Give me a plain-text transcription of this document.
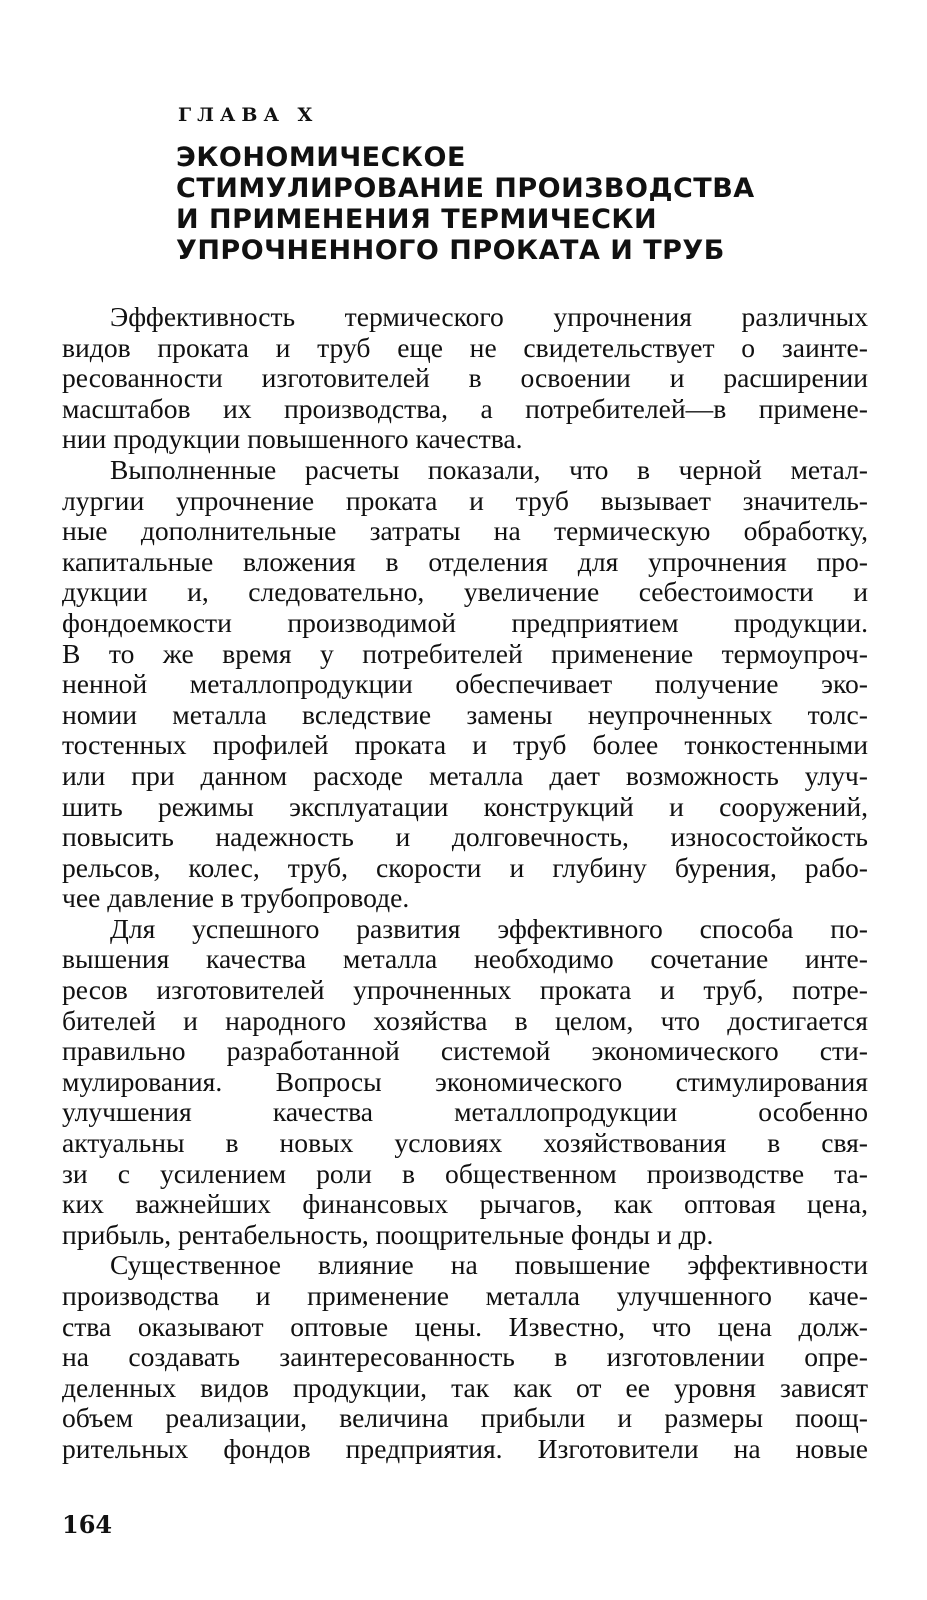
ГЛАВА X

ЭКОНОМИЧЕСКОЕ
СТИМУЛИРОВАНИЕ ПРОИЗВОДСТВА
И ПРИМЕНЕНИЯ ТЕРМИЧЕСКИ
УПРОЧНЕННОГО ПРОКАТА И ТРУБ

Эффективность термического упрочнения различных
видов проката и труб еще не свидетельствует о заинте-
ресованности изготовителей в освоении и расширении
масштабов их производства, а потребителей—в примене-
нии продукции повышенного качества.

Выполненные расчеты показали, что в черной метал-
лургии упрочнение проката и труб вызывает значитель-
ные дополнительные затраты на термическую обработку,
капитальные вложения в отделения для упрочнения про-
дукции и, следовательно, увеличение себестоимости и
фондоемкости производимой предприятием продукции.
В то же время у потребителей применение термоупроч-
ненной металлопродукции обеспечивает получение эко-
номии металла вследствие замены неупрочненных толс-
тостенных профилей проката и труб более тонкостенными
или при данном расходе металла дает возможность улуч-
шить режимы эксплуатации конструкций и сооружений,
повысить надежность и долговечность, износостойкость
рельсов, колес, труб, скорости и глубину бурения, рабо-
чее давление в трубопроводе.

Для успешного развития эффективного способа по-
вышения качества металла необходимо сочетание инте-
ресов изготовителей упрочненных проката и труб, потре-
бителей и народного хозяйства в целом, что достигается
правильно разработанной системой экономического сти-
мулирования. Вопросы экономического стимулирования
улучшения качества металлопродукции особенно
актуальны в новых условиях хозяйствования в свя-
зи с усилением роли в общественном производстве та-
ких важнейших финансовых рычагов, как оптовая цена,
прибыль, рентабельность, поощрительные фонды и др.

Существенное влияние на повышение эффективности
производства и применение металла улучшенного каче-
ства оказывают оптовые цены. Известно, что цена долж-
на создавать заинтересованность в изготовлении опре-
деленных видов продукции, так как от ее уровня зависят
объем реализации, величина прибыли и размеры поощ-
рительных фондов предприятия. Изготовители на новые

164
